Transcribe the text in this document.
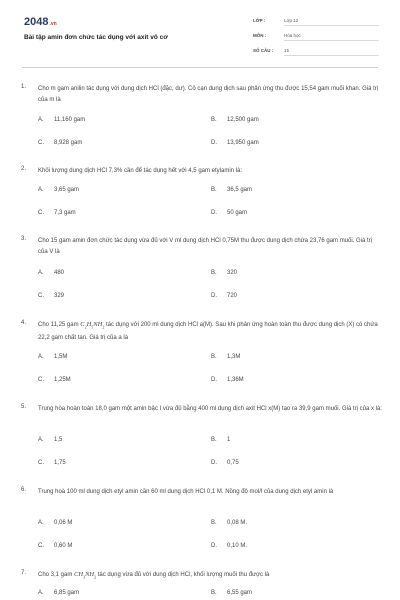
2048.vn
Bài tập amin đơn chức tác dụng với axit vô cơ
LỚP :	Lớp 12
MÔN :	Hóa học
SỐ CÂU :	15
1. Cho m gam anilin tác dụng với dung dịch HCl (đặc, dư). Cô cạn dung dịch sau phản ứng thu được 15,54 gam muối khan. Giá trị của m là
A. 11,160 gam	B. 12,500 gam
C. 8,928 gam	D. 13,950 gam
2. Khối lượng dung dịch HCl 7,3% cần để tác dụng hết với 4,5 gam etylamin là:
A. 3,65 gam	B. 36,5 gam
C. 7,3 gam	D. 50 gam
3. Cho 15 gam amin đơn chức tác dụng vừa đủ với V ml dung dịch HCl 0,75M thu được dung dịch chứa 23,76 gam muối. Giá trị của V là
A. 480	B. 320
C. 329	D. 720
4. Cho 11,25 gam $C_2H_5NH_2$ tác dụng với 200 ml dung dịch HCl a(M). Sau khi phản ứng hoàn toàn thu được dung dịch (X) có chứa 22,2 gam chất tan. Giá trị của a là
A. 1,5M	B. 1,3M
C. 1,25M	D. 1,36M
5. Trung hòa hoàn toàn 18,0 gam một amin bậc I vừa đủ bằng 400 ml dung dịch axit HCl x(M) tạo ra 39,9 gam muối. Giá trị của x là:
A. 1,5	B. 1
C. 1,75	D. 0,75
6. Trung hoà 100 ml dung dịch etyl amin cần 60 ml dung dịch HCl 0,1 M. Nồng độ mol/l của dung dịch etyl amin là
A. 0,06 M	B. 0,08 M.
C. 0,60 M	D. 0,10 M.
7. Cho 3,1 gam $CH_3NH_2$ tác dụng vừa đủ với dung dịch HCl, khối lượng muối thu được là
A. 6,85 gam	B. 6,55 gam
